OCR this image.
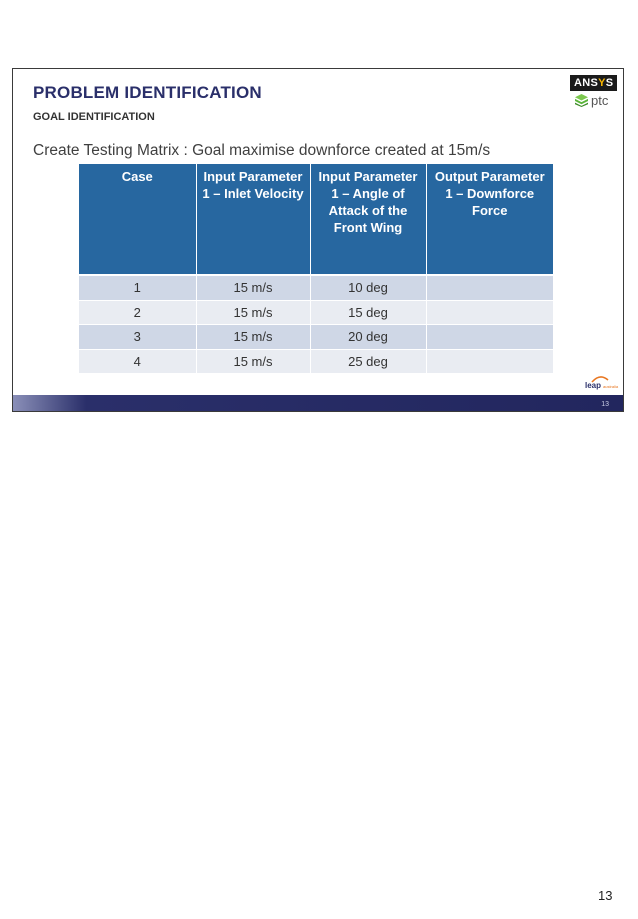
PROBLEM IDENTIFICATION
GOAL IDENTIFICATION
Create Testing Matrix : Goal maximise downforce created at 15m/s
ANSYS
ptc
Case	Input Parameter 1 – Inlet Velocity	Input Parameter 1 – Angle of Attack of the Front Wing	Output Parameter 1 – Downforce Force
1	15 m/s	10 deg	
2	15 m/s	15 deg	
3	15 m/s	20 deg	
4	15 m/s	25 deg	
leap australia
13
13
